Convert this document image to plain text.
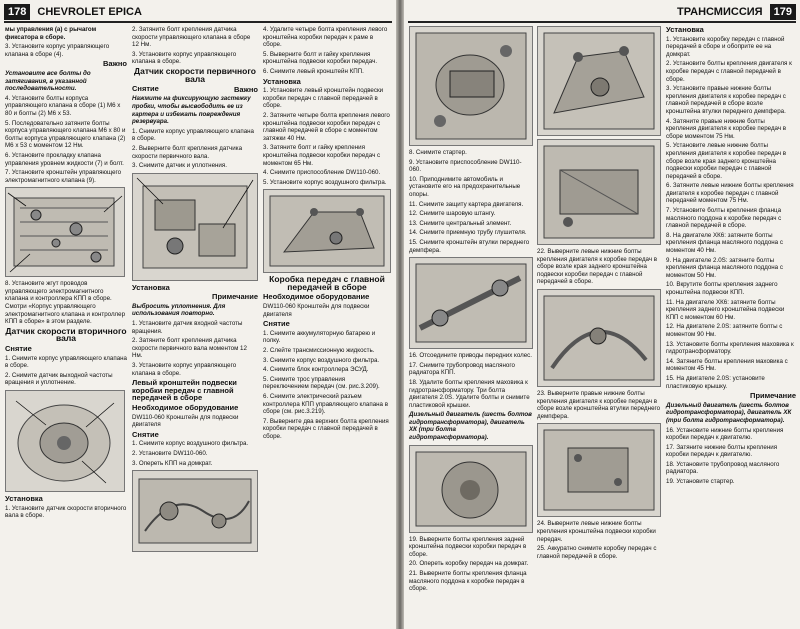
178 CHEVROLET EPICA

мы управления (а) с рычагом фиксатора в сборе.

3. Установите корпус управляющего клапана в сборе (4).

Важно

Установите все болты до затягивания, в указанной последовательности.

4. Установите болты корпуса управляющего клапана в сборе (1) М6 х 80 и болты (2) М6 х 53.

5. Последовательно затяните болты корпуса управляющего клапана М6 х 80 и болты корпуса управляющего клапана (2) М6 х 53 с моментом 12 Нм.

6. Установите прокладку клапана управления уровнем жидкости (7) и болт.

7. Установите кронштейн управляющего электромагнитного клапана (9).

8. Установите жгут проводов управляющего электромагнитного клапана и контроллера КПП в сборе. Смотри «Корпус управляющего электромагнитного клапана и контроллер КПП в сборе» в этом разделе.

Датчик скорости вторичного вала

Снятие

1. Снимите корпус управляющего клапана в сборе.

2. Снимите датчик выходной частоты вращения и уплотнение.

Установка

1. Установите датчик скорости вторичного вала в сборе.

2. Затяните болт крепления датчика скорости управляющего клапана в сборе 12 Нм.

3. Установите корпус управляющего клапана в сборе.

Датчик скорости первичного вала

Снятие	Важно

Нажмите на фиксирующую застежку пробки, чтобы высвободить ее из картера и избежать повреждения резервуара.

1. Снимите корпус управляющего клапана в сборе.

2. Выверните болт крепления датчика скорости первичного вала.

3. Снимите датчик и уплотнения.

Установка

Примечание

Выбросить уплотнения. Для использования повторно.

1. Установите датчик входной частоты вращения.

2. Затяните болт крепления датчика скорости первичного вала моментом 12 Нм.

3. Установите корпус управляющего клапана в сборе.

Левый кронштейн подвески коробки передач с главной передачей в сборе

Необходимое оборудование

DW110-060 Кронштейн для подвески двигателя

Снятие

1. Снимите корпус воздушного фильтра.

2. Установите DW110-060.

3. Опереть КПП на домкрат.

4. Удалите четыре болта крепления левого кронштейна коробки передач к раме в сборе.

5. Выверните болт и гайку крепления кронштейна подвески коробки передач.

6. Снимите левый кронштейн КПП.

Установка

1. Установите левый кронштейн подвески коробки передач с главной передачей в сборе.

2. Затяните четыре болта крепления левого кронштейна подвески коробки передач с главной передачей в сборе с моментом затяжки 40 Нм.

3. Затяните болт и гайку крепления кронштейна подвески коробки передач с моментом 65 Нм.

4. Снимите приспособление DW110-060.

5. Установите корпус воздушного фильтра.

Коробка передач с главной передачей в сборе

Необходимое оборудование

DW110-060 Кронштейн для подвески двигателя

Снятие

1. Снимите аккумуляторную батарею и полку.

2. Слейте трансмиссионную жидкость.

3. Снимите корпус воздушного фильтра.

4. Снимите блок контроллера ЭСУД.

5. Снимите трос управления переключением передач (см. рис.3.209).

6. Снимите электрический разъем контроллера КПП управляющего клапана в сборе (см. рис.3.219).

7. Выверните два верхних болта крепления коробки передач с главной передачей в сборе.

ТРАНСМИССИЯ 179

8. Снимите стартер.

9. Установите приспособление DW110-060.

10. Приподнимите автомобиль и установите его на предохранительные опоры.

11. Снимите защиту картера двигателя.

12. Снимите шаровую штангу.

13. Снимите центральный элемент.

14. Снимите приемную трубу глушителя.

15. Снимите кронштейн втулки переднего демпфера.

16. Отсоедините приводы передних колес.

17. Снимите трубопровод масляного радиатора КПП.

18. Удалите болты крепления маховика к гидротрансформатору. Три болта двигателя 2.0S. Удалите болты и снимите пластиковой крышки.

Дизельный двигатель (шесть болтов гидротрансформатора), двигатель ХК (три болта гидротрансформатора).

19. Выверните болты крепления задней кронштейна подвески коробки передач в сборе.

20. Опереть коробку передач на домкрат.

21. Выверните болты крепления фланца масляного поддона к коробке передач в сборе.

22. Выверните левые нижние болты крепления двигателя к коробке передач в сборе возле края заднего кронштейна подвески коробки передач с главной передачей в сборе.

23. Выверните правые нижние болты крепления двигателя к коробке передач в сборе возле кронштейна втулки переднего демпфера.

24. Выверните левые нижние болты крепления кронштейна подвески коробки передач.

25. Аккуратно снимите коробку передач с главной передачей в сборе.

Установка

1. Установите коробку передач с главной передачей в сборе и обоприте ее на домкрат.

2. Установите болты крепления двигателя к коробке передач с главной передачей в сборе.

3. Установите правые нижние болты крепления двигателя к коробке передач с главной передачей в сборе возле кронштейна втулки переднего демпфера.

4. Затяните правые нижние болты крепления двигателя к коробке передач в сборе моментом 75 Нм.

5. Установите левые нижние болты крепления двигателя к коробке передач в сборе возле края заднего кронштейна подвески коробки передач с главной передачей в сборе.

6. Затяните левые нижние болты крепления двигателя к коробке передач с главной передачей моментом 75 Нм.

7. Установите болты крепления фланца масляного поддона к коробке передач с главной передачей в сборе.

8. На двигателе ХК6: затяните болты крепления фланца масляного поддона с моментом 40 Нм.

9. На двигателе 2.0S: затяните болты крепления фланца масляного поддона с моментом 50 Нм.

10. Вкрутите болты крепления заднего кронштейна подвески КПП.

11. На двигателе ХК6: затяните болты крепления заднего кронштейна подвески КПП с моментом 60 Нм.

12. На двигателе 2.0S: затяните болты с моментом 90 Нм.

13. Установите болты крепления маховика к гидротрансформатору.

14. Затяните болты крепления маховика с моментом 45 Нм.

15. На двигателе 2.0S: установите пластиковую крышку.

Примечание

Дизельный двигатель (шесть болтов гидротрансформатора), двигатель ХК (три болта гидротрансформатора).

16. Установите нижние болты крепления коробки передач к двигателю.

17. Затяните нижние болты крепления коробки передач к двигателю.

18. Установите трубопровод масляного радиатора.

19. Установите стартер.
